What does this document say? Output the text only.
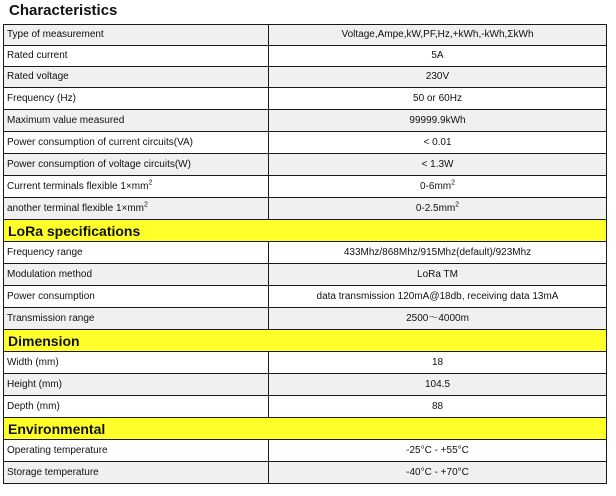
Characteristics
Type of measurement	Voltage,Ampe,kW,PF,Hz,+kWh,-kWh,ΣkWh
Rated current	5A
Rated voltage	230V
Frequency (Hz)	50 or 60Hz
Maximum value measured	99999.9kWh
Power consumption of current circuits(VA)	< 0.01
Power consumption of voltage circuits(W)	< 1.3W
Current terminals flexible $1\times mm^2$	$0-6mm^2$
another terminal flexible $1\times mm^2$	$0-2.5mm^2$
LoRa specifications	
Frequency range	433Mhz/868Mhz/915Mhz(default)/923Mhz
Modulation method	LoRa TM
Power consumption	data transmission 120mA@18db, receiving data 13mA
Transmission range	2500～4000m
Dimension	
Width (mm)	18
Height (mm)	104.5
Depth (mm)	88
Environmental	
Operating temperature	-25°C - +55°C
Storage temperature	-40°C - +70°C
